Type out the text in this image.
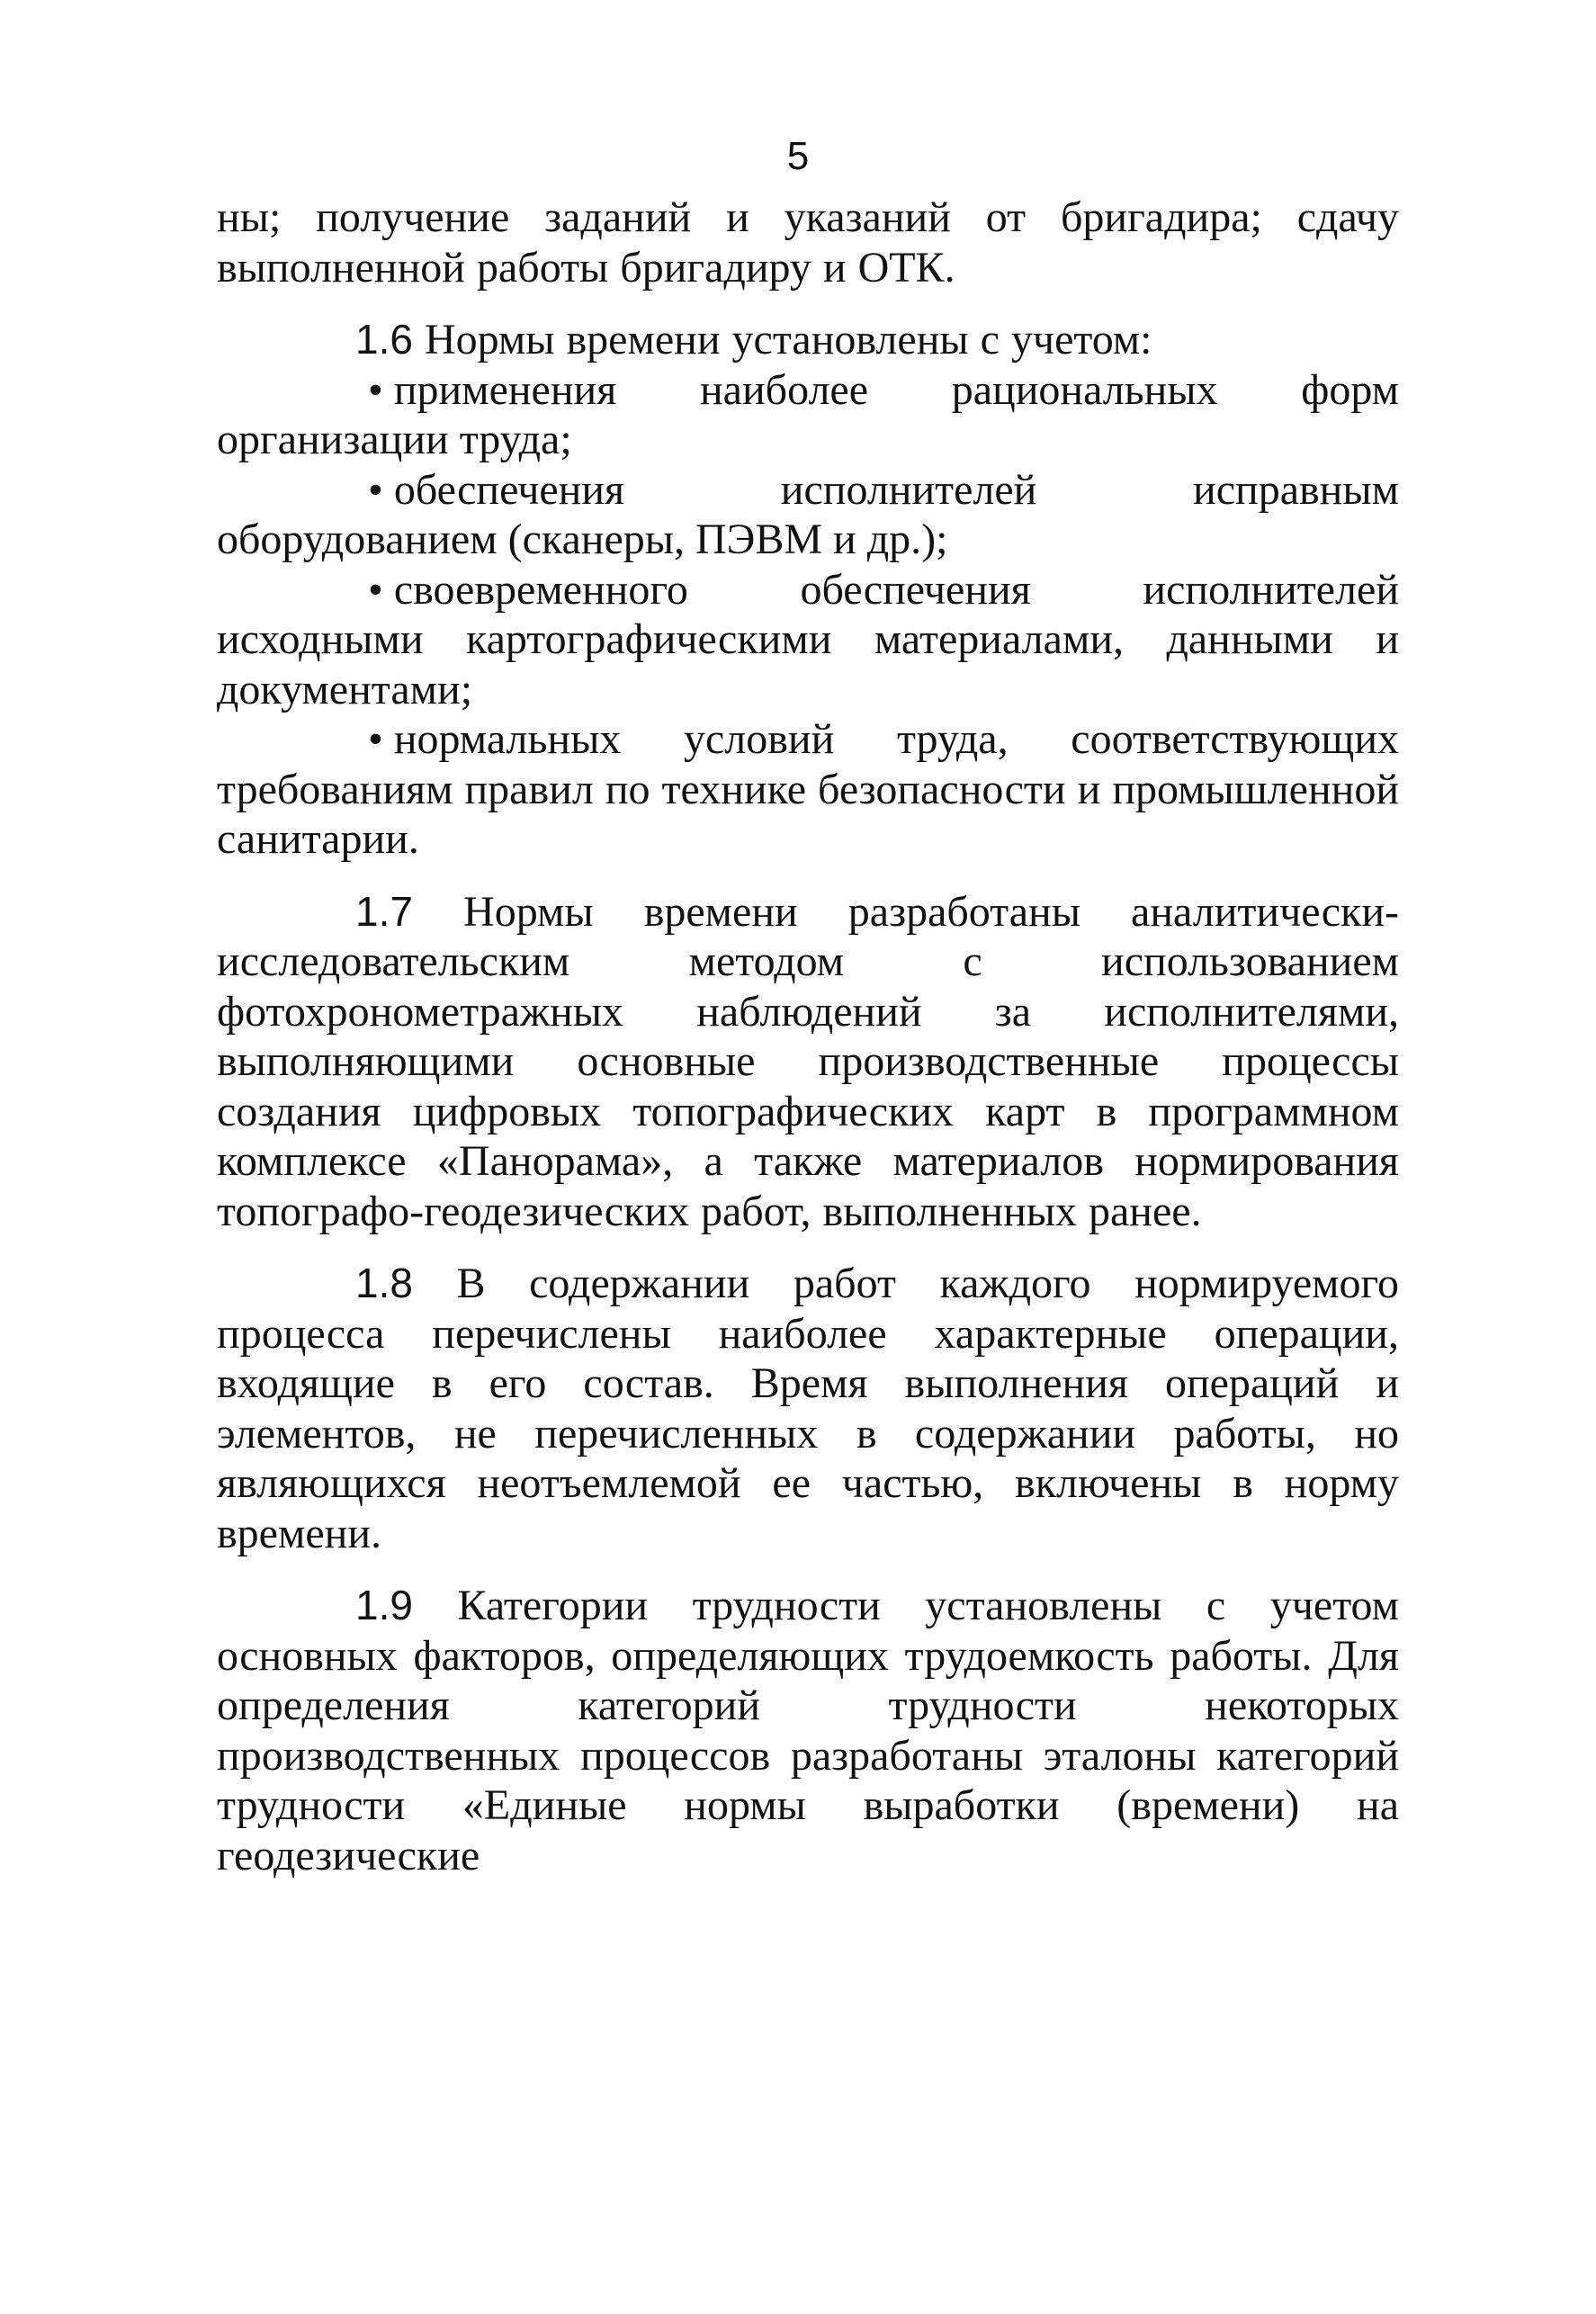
5

ны; получение заданий и указаний от бригадира; сдачу выполненной работы бригадиру и ОТК.

1.6 Нормы времени установлены с учетом:

• применения наиболее рациональных форм организации труда;
• обеспечения исполнителей исправным оборудованием (сканеры, ПЭВМ и др.);
• своевременного обеспечения исполнителей исходными картографическими материалами, данными и документами;
• нормальных условий труда, соответствующих требованиям правил по технике безопасности и промышленной санитарии.

1.7 Нормы времени разработаны аналитически-исследовательским методом с использованием фотохронометражных наблюдений за исполнителями, выполняющими основные производственные процессы создания цифровых топографических карт в программном комплексе «Панорама», а также материалов нормирования топографо-геодезических работ, выполненных ранее.

1.8 В содержании работ каждого нормируемого процесса перечислены наиболее характерные операции, входящие в его состав. Время выполнения операций и элементов, не перечисленных в содержании работы, но являющихся неотъемлемой ее частью, включены в норму времени.

1.9 Категории трудности установлены с учетом основных факторов, определяющих трудоемкость работы. Для определения категорий трудности некоторых производственных процессов разработаны эталоны категорий трудности «Единые нормы выработки (времени) на геодезические
